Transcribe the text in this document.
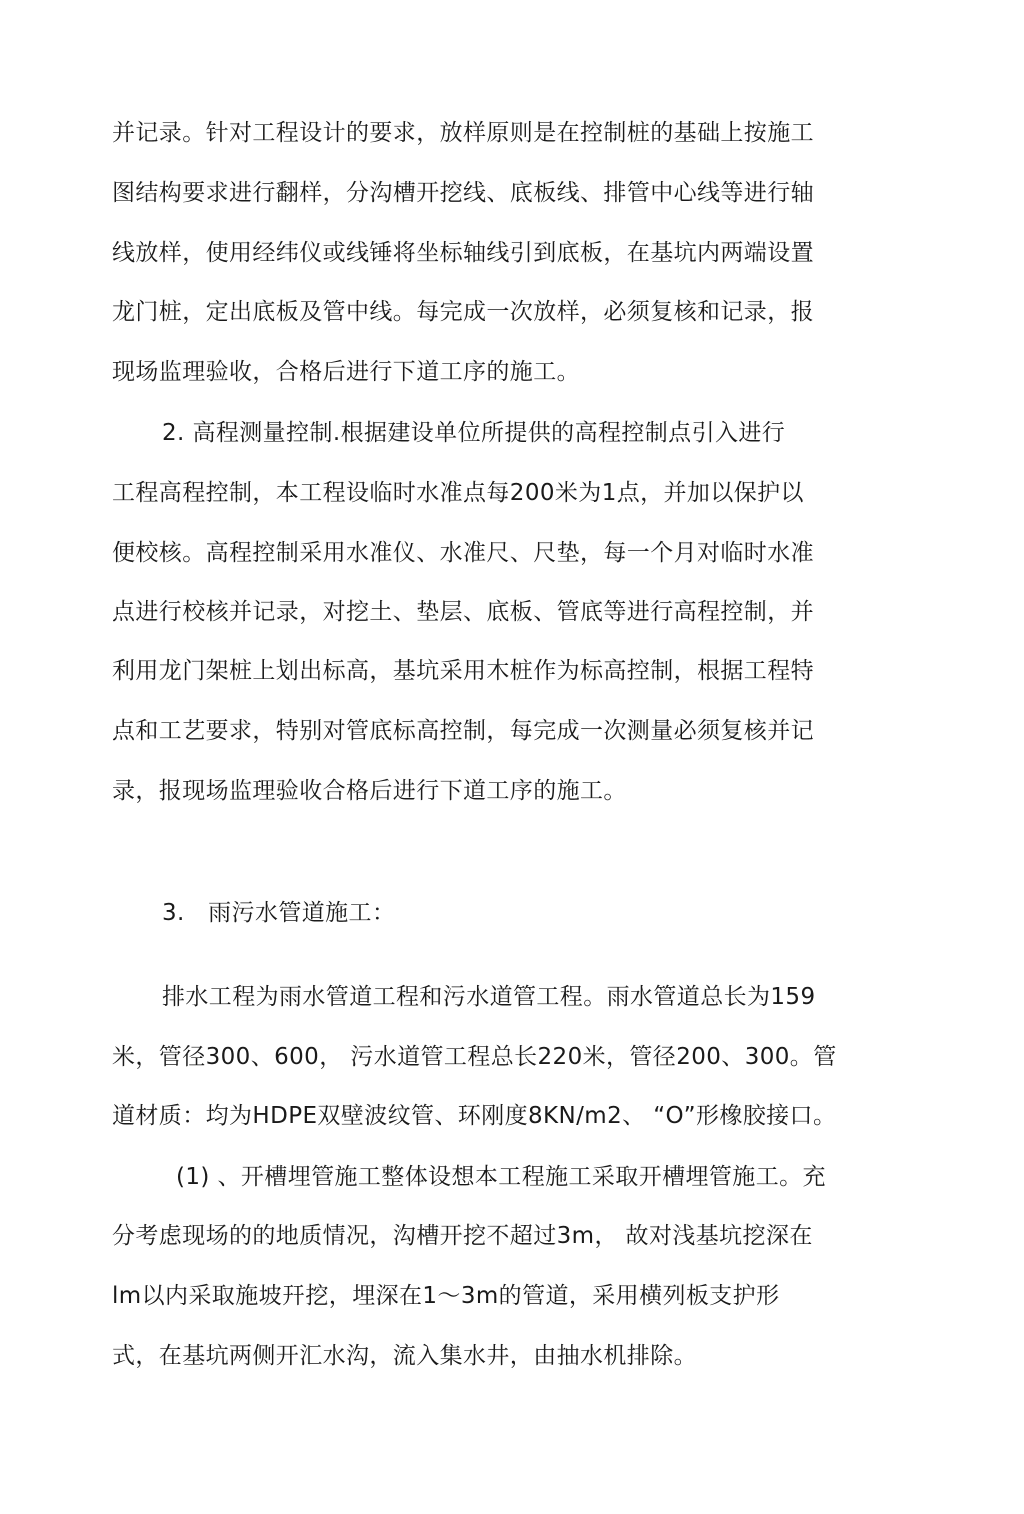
并记录。针对工程设计的要求，放样原则是在控制桩的基础上按施工
图结构要求进行翻样，分沟槽开挖线、底板线、排管中心线等进行轴
线放样，使用经纬仪或线锤将坐标轴线引到底板，在基坑内两端设置
龙门桩，定出底板及管中线。每完成一次放样，必须复核和记录，报
现场监理验收，合格后进行下道工序的施工。
2. 高程测量控制.根据建设单位所提供的高程控制点引入进行
工程高程控制，本工程设临时水准点每200米为1点，并加以保护以
便校核。高程控制采用水准仪、水准尺、尺垫，每一个月对临时水准
点进行校核并记录，对挖土、垫层、底板、管底等进行高程控制，并
利用龙门架桩上划出标高，基坑采用木桩作为标高控制，根据工程特
点和工艺要求，特别对管底标高控制，每完成一次测量必须复核并记
录，报现场监理验收合格后进行下道工序的施工。
3.　雨污水管道施工：
排水工程为雨水管道工程和污水道管工程。雨水管道总长为159
米，管径300、600， 污水道管工程总长220米，管径200、300。管
道材质：均为HDPE双壁波纹管、环刚度8KN/m2、 “O”形橡胶接口。
(1) 、开槽埋管施工整体设想本工程施工采取开槽埋管施工。充
分考虑现场的的地质情况，沟槽开挖不超过3m， 故对浅基坑挖深在
lm以内采取施坡幵挖，埋深在1～3m的管道，采用横列板支护形
式，在基坑两侧开汇水沟，流入集水井，由抽水机排除。
